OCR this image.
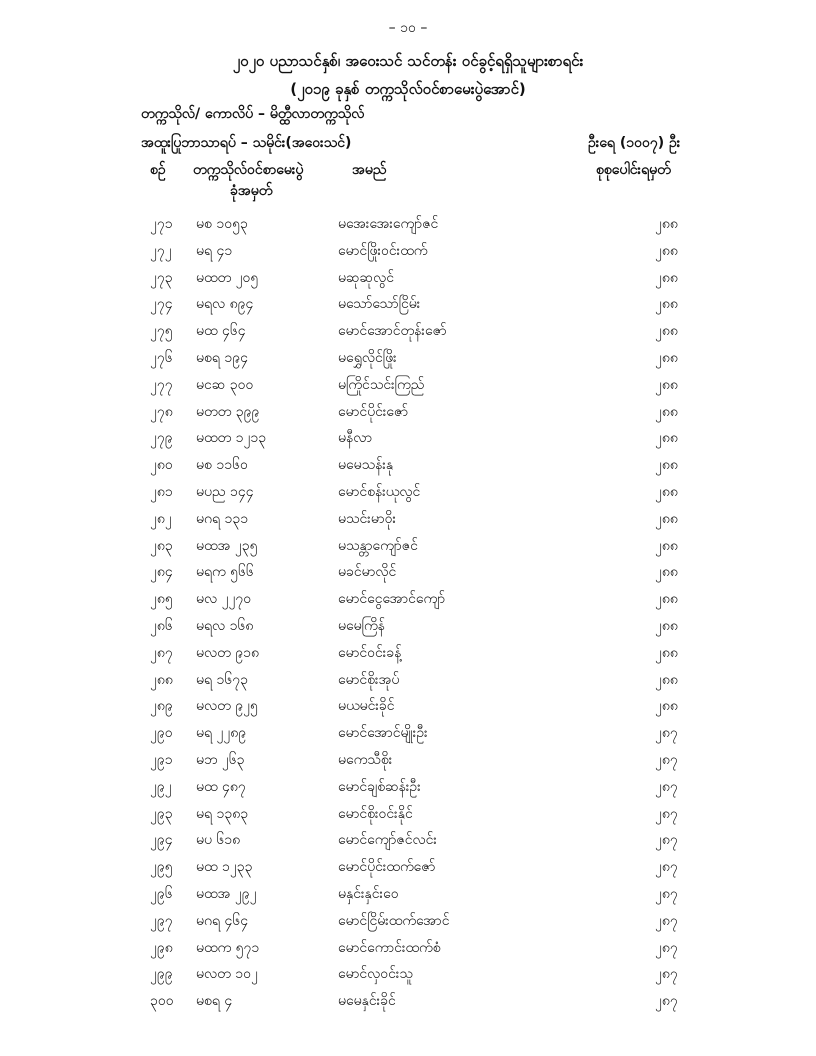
– ၁၀ –
၂၀၂၀ ပညာသင်နှစ်၊ အဝေးသင် သင်တန်း ဝင်ခွင့်ရရှိသူများစာရင်း
(၂၀၁၉ ခုနှစ် တက္ကသိုလ်ဝင်စာမေးပွဲအောင်)
တက္ကသိုလ်/ ကောလိပ် – မိတ္ထီလာတက္ကသိုလ်
အထူးပြုဘာသာရပ် – သမိုင်း(အဝေးသင်)	ဦးရေ (၁၀၀၇) ဦး
စဉ် တက္ကသိုလ်ဝင်စာမေးပွဲ
ခုံအမှတ်
အမည်	စုစုပေါင်းရမှတ်
၂၇၁	မစ ၁၀၅၃	မအေးအေးကျော်ဇင်	၂၈၈
၂၇၂	မရ ၄၁	မောင်ဖြိုးဝင်းထက်	၂၈၈
၂၇၃	မထတ ၂၀၅	မဆုဆုလွင်	၂၈၈
၂၇၄	မရလ ၈၉၄	မသော်သော်ငြိမ်း	၂၈၈
၂၇၅	မထ ၄၆၄	မောင်အောင်တုန်းဇော်	၂၈၈
၂၇၆	မစရ ၁၉၄	မရွှေလိုင်ဖြိုး	၂၈၈
၂၇၇	မငဆ ၃၀၀	မကြိုင်သင်းကြည်	၂၈၈
၂၇၈	မတတ ၃၉၉	မောင်ပိုင်းဇော်	၂၈၈
၂၇၉	မထတ ၁၂၁၃	မနီလာ	၂၈၈
၂၈၀	မစ ၁၁၆၀	မမေသန်းနု	၂၈၈
၂၈၁	မပည ၁၄၄	မောင်စန်းယုလွင်	၂၈၈
၂၈၂	မဂရ ၁၃၁	မသင်းမာဝိုး	၂၈၈
၂၈၃	မထအ ၂၃၅	မသန္တာကျော်ဇင်	၂၈၈
၂၈၄	မရက ၅၆၆	မခင်မာလိုင်	၂၈၈
၂၈၅	မလ ၂၂၇၀	မောင်ငွေအောင်ကျော်	၂၈၈
၂၈၆	မရလ ၁၆၈	မမေကြိန်	၂၈၈
၂၈၇	မလတ ၉၁၈	မောင်ဝင်းခန့်	၂၈၈
၂၈၈	မရ ၁၆၇၃	မောင်စိုးအုပ်	၂၈၈
၂၈၉	မလတ ၉၂၅	မယမင်းခိုင်	၂၈၈
၂၉၀	မရ ၂၂၈၉	မောင်အောင်မျိုးဦး	၂၈၇
၂၉၁	မဘ ၂၆၃	မကေသီစိုး	၂၈၇
၂၉၂	မထ ၄၈၇	မောင်ချစ်ဆန်းဦး	၂၈၇
၂၉၃	မရ ၁၃၈၃	မောင်စိုးဝင်းနိုင်	၂၈၇
၂၉၄	မပ ၆၁၈	မောင်ကျော်ဇင်လင်း	၂၈၇
၂၉၅	မထ ၁၂၃၃	မောင်ပိုင်းထက်ဇော်	၂၈၇
၂၉၆	မထအ ၂၉၂	မနှင်းနှင်းဝေ	၂၈၇
၂၉၇	မဂရ ၄၆၄	မောင်ငြိမ်းထက်အောင်	၂၈၇
၂၉၈	မထက ၅၇၁	မောင်ကောင်းထက်စံ	၂၈၇
၂၉၉	မလတ ၁၀၂	မောင်လှဝင်းသူ	၂၈၇
၃၀၀	မစရ ၄	မမေနှင်းခိုင်	၂၈၇
